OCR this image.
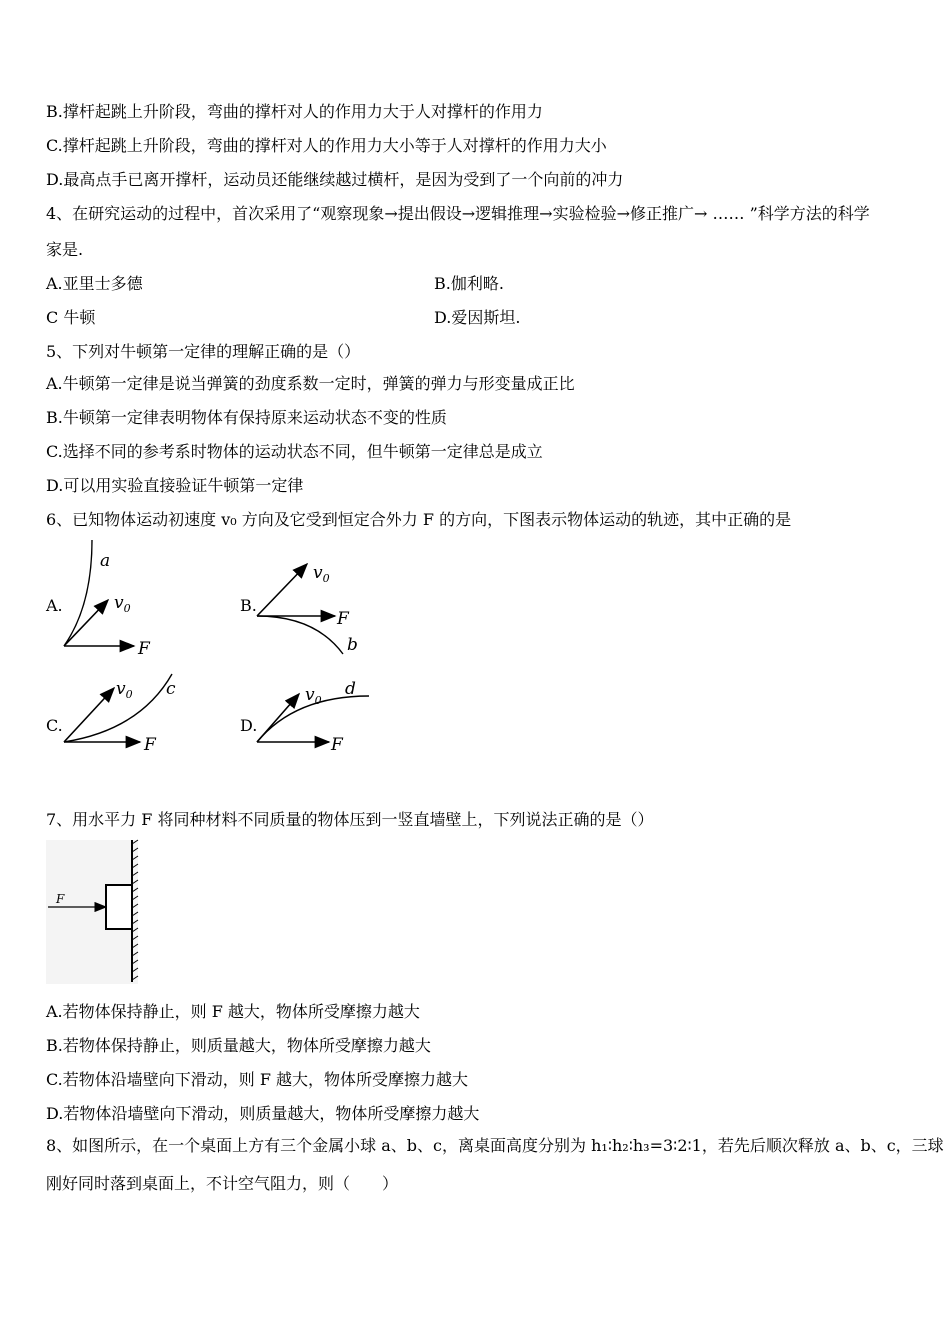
B.撑杆起跳上升阶段，弯曲的撑杆对人的作用力大于人对撑杆的作用力
C.撑杆起跳上升阶段，弯曲的撑杆对人的作用力大小等于人对撑杆的作用力大小
D.最高点手已离开撑杆，运动员还能继续越过横杆，是因为受到了一个向前的冲力
4、在研究运动的过程中，首次采用了“观察现象→提出假设→逻辑推理→实验检验→修正推广→ …… ”科学方法的科学
家是.
A.亚里士多德	B.伽利略.
C 牛顿	D.爱因斯坦.
5、下列对牛顿第一定律的理解正确的是（）
A.牛顿第一定律是说当弹簧的劲度系数一定时，弹簧的弹力与形变量成正比
B.牛顿第一定律表明物体有保持原来运动状态不变的性质
C.选择不同的参考系时物体的运动状态不同，但牛顿第一定律总是成立
D.可以用实验直接验证牛顿第一定律
6、已知物体运动初速度 v₀ 方向及它受到恒定合外力 F 的方向，下图表示物体运动的轨迹，其中正确的是
A.
a
$v_0$
F
B.
$v_0$
F
b
C.
$v_0$ c
F
D.
$v_0$
d
F
7、用水平力 F 将同种材料不同质量的物体压到一竖直墙壁上，下列说法正确的是（）
F
A.若物体保持静止，则 F 越大，物体所受摩擦力越大
B.若物体保持静止，则质量越大，物体所受摩擦力越大
C.若物体沿墙壁向下滑动，则 F 越大，物体所受摩擦力越大
D.若物体沿墙壁向下滑动，则质量越大，物体所受摩擦力越大
8、如图所示，在一个桌面上方有三个金属小球 a、b、c，离桌面高度分别为 h₁∶h₂∶h₃=3∶2∶1，若先后顺次释放 a、b、c，三球
刚好同时落到桌面上，不计空气阻力，则（　　）
